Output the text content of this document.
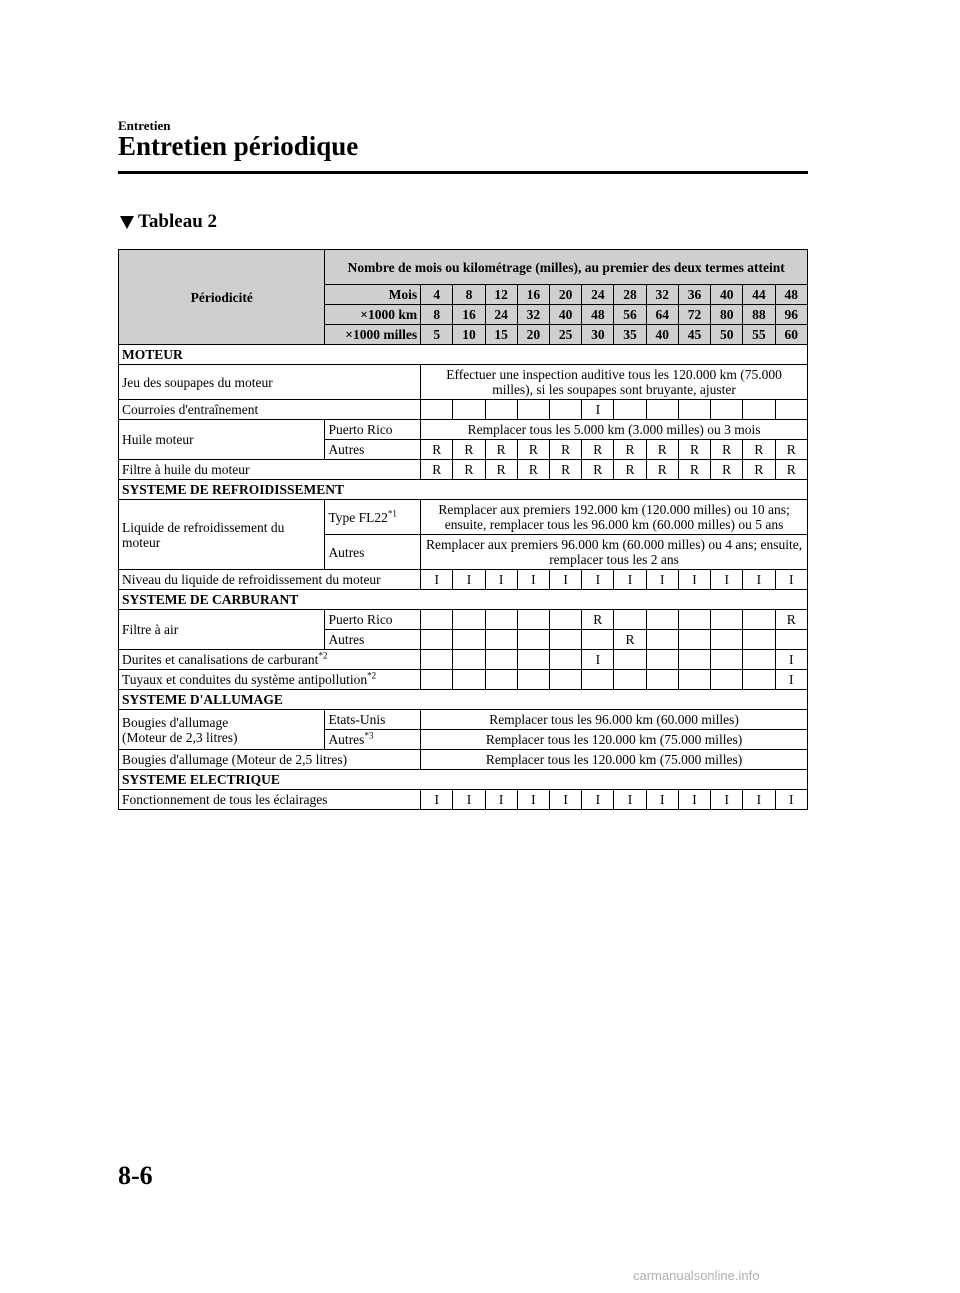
Entretien
Entretien périodique
Tableau 2
Périodicité	Nombre de mois ou kilométrage (milles), au premier des deux termes atteint												
	Mois	4	8	12	16	20	24	28	32	36	40	44	48
	×1000 km	8	16	24	32	40	48	56	64	72	80	88	96
	×1000 milles	5	10	15	20	25	30	35	40	45	50	55	60
MOTEUR													
Jeu des soupapes du moteur		Effectuer une inspection auditive tous les 120.000 km (75.000 milles), si les soupapes sont bruyante, ajuster											
Courroies d'entraînement							I						
Huile moteur	Puerto Rico	Remplacer tous les 5.000 km (3.000 milles) ou 3 mois											
	Autres	R	R	R	R	R	R	R	R	R	R	R	R
Filtre à huile du moteur		R	R	R	R	R	R	R	R	R	R	R	R
SYSTEME DE REFROIDISSEMENT													
Liquide de refroidissement du moteur	Type FL22$^{*1}$	Remplacer aux premiers 192.000 km (120.000 milles) ou 10 ans; ensuite, remplacer tous les 96.000 km (60.000 milles) ou 5 ans											
	Autres	Remplacer aux premiers 96.000 km (60.000 milles) ou 4 ans; ensuite, remplacer tous les 2 ans											
Niveau du liquide de refroidissement du moteur		I	I	I	I	I	I	I	I	I	I	I	I
SYSTEME DE CARBURANT													
Filtre à air	Puerto Rico						R						R
	Autres							R					
Durites et canalisations de carburant$^{*2}$							I						I
Tuyaux et conduites du système antipollution$^{*2}$													I
SYSTEME D'ALLUMAGE													

Bougies d'allumage
(Moteur de 2,3 litres)	Etats-Unis	Remplacer tous les 96.000 km (60.000 milles)											
	Autres$^{*3}$	Remplacer tous les 120.000 km (75.000 milles)											
Bougies d'allumage (Moteur de 2,5 litres)		Remplacer tous les 120.000 km (75.000 milles)											
SYSTEME ELECTRIQUE													
Fonctionnement de tous les éclairages		I	I	I	I	I	I	I	I	I	I	I	I
8-6
carmanualsonline.info
